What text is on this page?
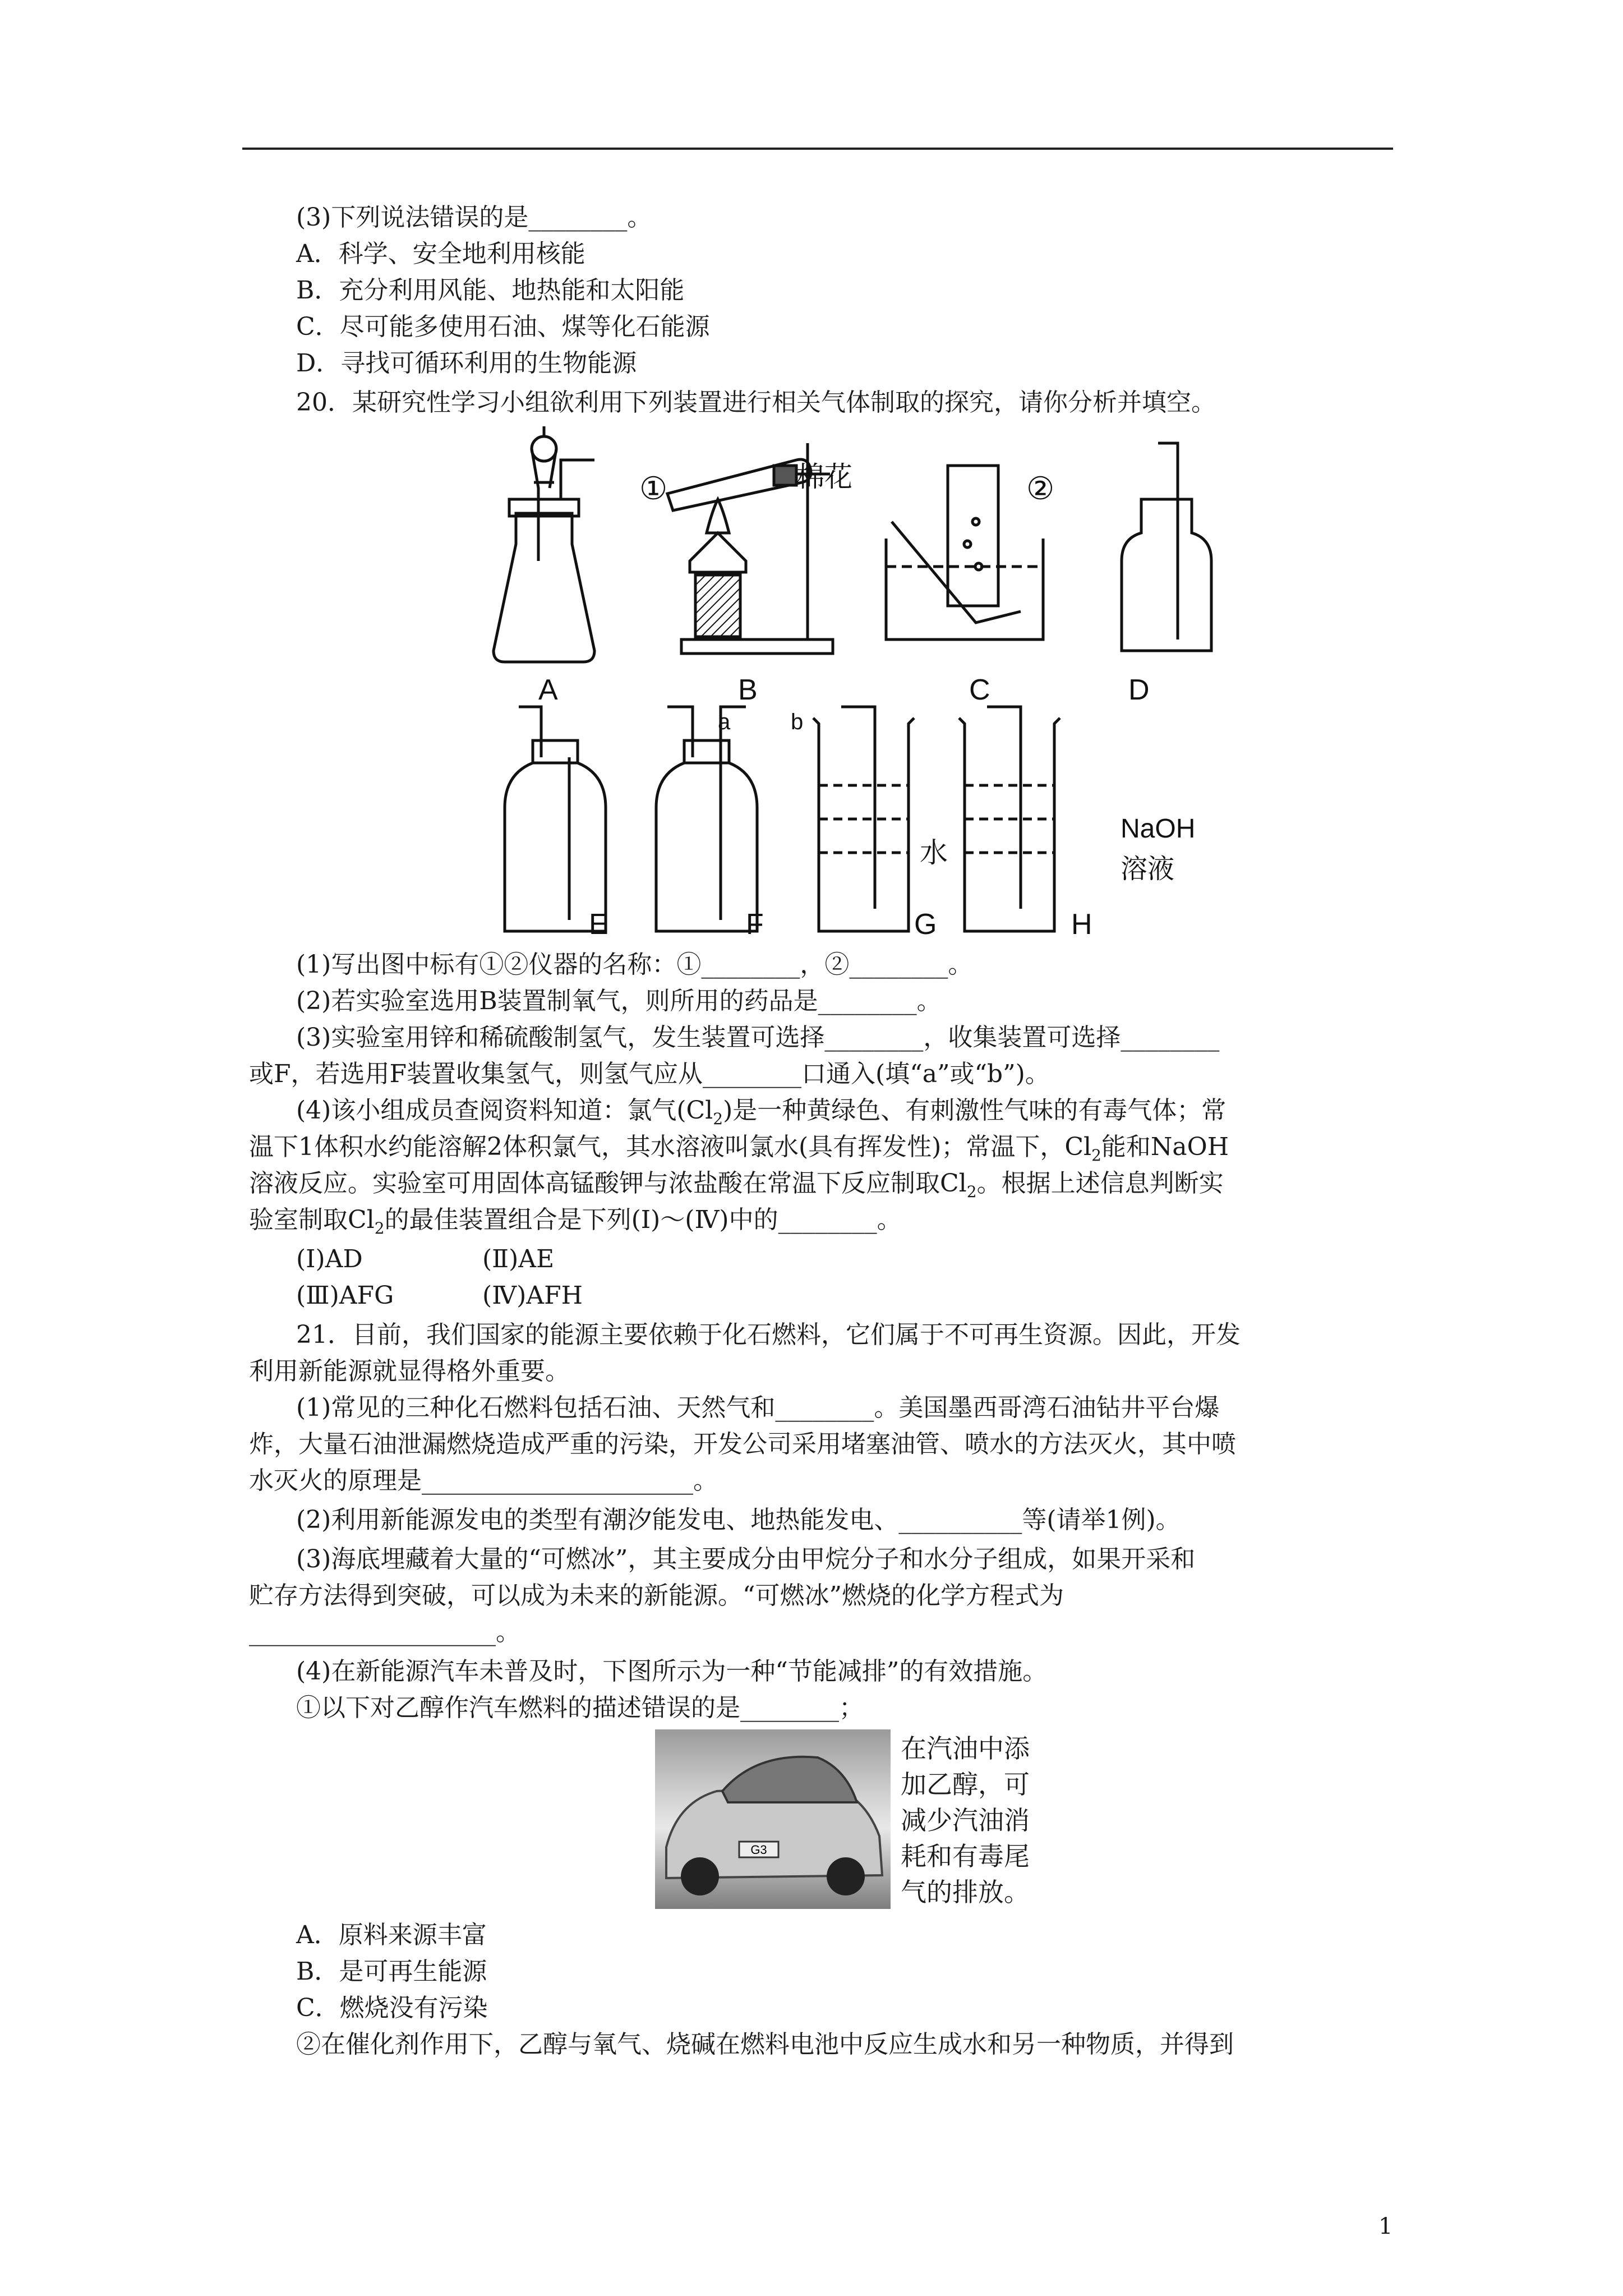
(3)下列说法错误的是________。
A．科学、安全地利用核能
B．充分利用风能、地热能和太阳能
C．尽可能多使用石油、煤等化石能源
D．寻找可循环利用的生物能源
20．某研究性学习小组欲利用下列装置进行相关气体制取的探究，请你分析并填空。
A	B	C	D
E	F	G	H
①	②
棉花
a	b
水
NaOH
溶液
(1)写出图中标有①②仪器的名称：①________，②________。
(2)若实验室选用B装置制氧气，则所用的药品是________。
(3)实验室用锌和稀硫酸制氢气，发生装置可选择________，收集装置可选择________
或F，若选用F装置收集氢气，则氢气应从________口通入(填“a”或“b”)。
(4)该小组成员查阅资料知道：氯气$(Cl_2)$是一种黄绿色、有刺激性气味的有毒气体；常
温下1体积水约能溶解2体积氯气，其水溶液叫氯水(具有挥发性)；常温下，$Cl_2$能和NaOH
溶液反应。实验室可用固体高锰酸钾与浓盐酸在常温下反应制取$Cl_2$。根据上述信息判断实
验室制取$Cl_2$的最佳装置组合是下列(Ⅰ)～(Ⅳ)中的________。
(Ⅰ)AD	(Ⅱ)AE
(Ⅲ)AFG	(Ⅳ)AFH
21．目前，我们国家的能源主要依赖于化石燃料，它们属于不可再生资源。因此，开发
利用新能源就显得格外重要。
(1)常见的三种化石燃料包括石油、天然气和________。美国墨西哥湾石油钻井平台爆
炸，大量石油泄漏燃烧造成严重的污染，开发公司采用堵塞油管、喷水的方法灭火，其中喷
水灭火的原理是______________________。
(2)利用新能源发电的类型有潮汐能发电、地热能发电、__________等(请举1例)。
(3)海底埋藏着大量的“可燃冰”，其主要成分由甲烷分子和水分子组成，如果开采和
贮存方法得到突破，可以成为未来的新能源。“可燃冰”燃烧的化学方程式为
____________________。
(4)在新能源汽车未普及时，下图所示为一种“节能减排”的有效措施。
①以下对乙醇作汽车燃料的描述错误的是________；
G3
在汽油中添
加乙醇，可
减少汽油消
耗和有毒尾
气的排放。
A．原料来源丰富
B．是可再生能源
C．燃烧没有污染
②在催化剂作用下，乙醇与氧气、烧碱在燃料电池中反应生成水和另一种物质，并得到
1
